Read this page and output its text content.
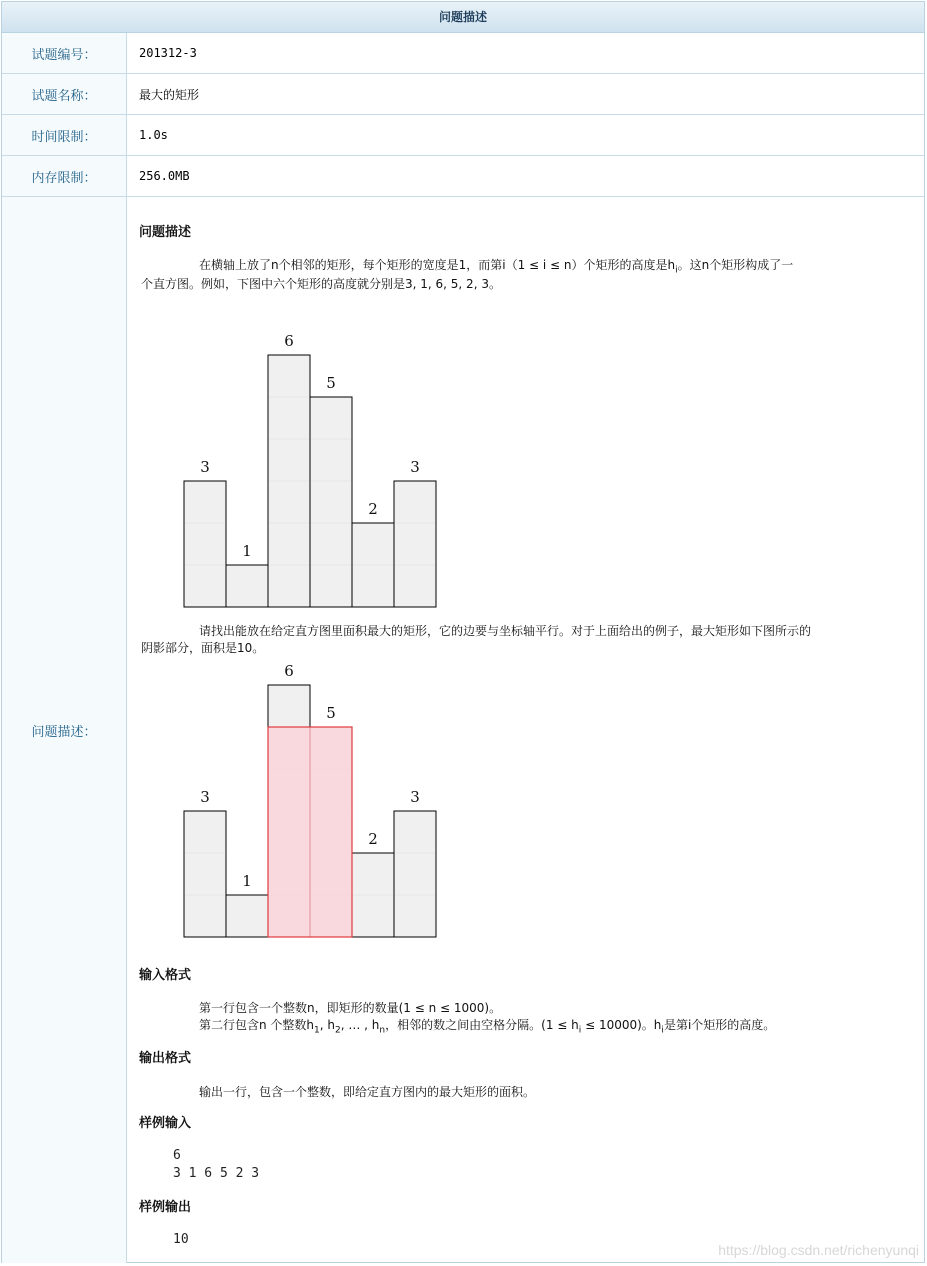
问题描述
试题编号：	201312-3
试题名称：	最大的矩形
时间限制：	1.0s
内存限制：	256.0MB
问题描述：
问题描述
在横轴上放了n个相邻的矩形，每个矩形的宽度是1，而第i（1 ≤ i ≤ n）个矩形的高度是$h_i$。这n个矩形构成了一
个直方图。例如，下图中六个矩形的高度就分别是3, 1, 6, 5, 2, 3。
3
1
6
5
2
3
请找出能放在给定直方图里面积最大的矩形，它的边要与坐标轴平行。对于上面给出的例子，最大矩形如下图所示的
阴影部分，面积是10。
3
1
6
5
2
3
输入格式
第一行包含一个整数n，即矩形的数量(1 ≤ n ≤ 1000)。
第二行包含n 个整数$h_1$, $h_2$, … , $h_n$，相邻的数之间由空格分隔。$(1 \le h_i \le 10000)$。$h_i$是第i个矩形的高度。
输出格式
输出一行，包含一个整数，即给定直方图内的最大矩形的面积。
样例输入
6
3 1 6 5 2 3
样例输出
10
https://blog.csdn.net/richenyunqi
